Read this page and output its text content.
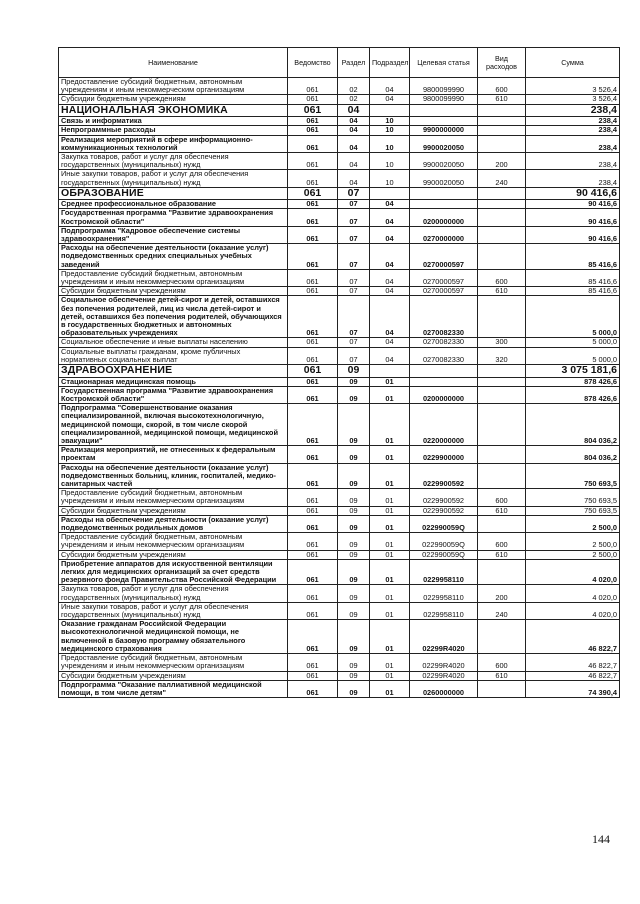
Наименование	Ведомство	Раздел	Подраздел	Целевая статья	Вид расходов	Сумма
Предоставление субсидий бюджетным, автономным учреждениям и иным некоммерческим организациям	061	02	04	9800099990	600	3 526,4
Субсидии бюджетным учреждениям	061	02	04	9800099990	610	3 526,4
НАЦИОНАЛЬНАЯ ЭКОНОМИКА	061	04				238,4
Связь и информатика	061	04	10			238,4
Непрограммные расходы	061	04	10	9900000000		238,4
Реализация мероприятий в сфере информационно-коммуникационных технологий	061	04	10	9900020050		238,4
Закупка товаров, работ и услуг для обеспечения государственных (муниципальных) нужд	061	04	10	9900020050	200	238,4
Иные закупки товаров, работ и услуг для обеспечения государственных (муниципальных) нужд	061	04	10	9900020050	240	238,4
ОБРАЗОВАНИЕ	061	07				90 416,6
Среднее профессиональное образование	061	07	04			90 416,6
Государственная программа "Развитие здравоохранения Костромской области"	061	07	04	0200000000		90 416,6
Подпрограмма "Кадровое обеспечение системы здравоохранения"	061	07	04	0270000000		90 416,6
Расходы на обеспечение деятельности (оказание услуг) подведомственных средних специальных учебных заведений	061	07	04	0270000597		85 416,6
Предоставление субсидий бюджетным, автономным учреждениям и иным некоммерческим организациям	061	07	04	0270000597	600	85 416,6
Субсидии бюджетным учреждениям	061	07	04	0270000597	610	85 416,6
Социальное обеспечение детей-сирот и детей, оставшихся без попечения родителей, лиц из числа детей-сирот и детей, оставшихся без попечения родителей, обучающихся в государственных бюджетных и автономных образовательных учреждениях	061	07	04	0270082330		5 000,0
Социальное обеспечение и иные выплаты населению	061	07	04	0270082330	300	5 000,0
Социальные выплаты гражданам, кроме публичных нормативных социальных выплат	061	07	04	0270082330	320	5 000,0
ЗДРАВООХРАНЕНИЕ	061	09				3 075 181,6
Стационарная медицинская помощь	061	09	01			878 426,6
Государственная программа "Развитие здравоохранения Костромской области"	061	09	01	0200000000		878 426,6
Подпрограмма "Совершенствование оказания специализированной, включая высокотехнологичную, медицинской помощи, скорой, в том числе скорой специализированной, медицинской помощи, медицинской эвакуации"	061	09	01	0220000000		804 036,2
Реализация мероприятий, не отнесенных к федеральным проектам	061	09	01	0229900000		804 036,2
Расходы на обеспечение деятельности (оказание услуг) подведомственных больниц, клиник, госпиталей, медико-санитарных частей	061	09	01	0229900592		750 693,5
Предоставление субсидий бюджетным, автономным учреждениям и иным некоммерческим организациям	061	09	01	0229900592	600	750 693,5
Субсидии бюджетным учреждениям	061	09	01	0229900592	610	750 693,5
Расходы на обеспечение деятельности (оказание услуг) подведомственных родильных домов	061	09	01	022990059Q		2 500,0
Предоставление субсидий бюджетным, автономным учреждениям и иным некоммерческим организациям	061	09	01	022990059Q	600	2 500,0
Субсидии бюджетным учреждениям	061	09	01	022990059Q	610	2 500,0
Приобретение аппаратов для искусственной вентиляции легких для медицинских организаций за счет средств резервного фонда Правительства Российской Федерации	061	09	01	0229958110		4 020,0
Закупка товаров, работ и услуг для обеспечения государственных (муниципальных) нужд	061	09	01	0229958110	200	4 020,0
Иные закупки товаров, работ и услуг для обеспечения государственных (муниципальных) нужд	061	09	01	0229958110	240	4 020,0
Оказание гражданам Российской Федерации высокотехнологичной медицинской помощи, не включенной в базовую программу обязательного медицинского страхования	061	09	01	02299R4020		46 822,7
Предоставление субсидий бюджетным, автономным учреждениям и иным некоммерческим организациям	061	09	01	02299R4020	600	46 822,7
Субсидии бюджетным учреждениям	061	09	01	02299R4020	610	46 822,7
Подпрограмма "Оказание паллиативной медицинской помощи, в том числе детям"	061	09	01	0260000000		74 390,4
144
